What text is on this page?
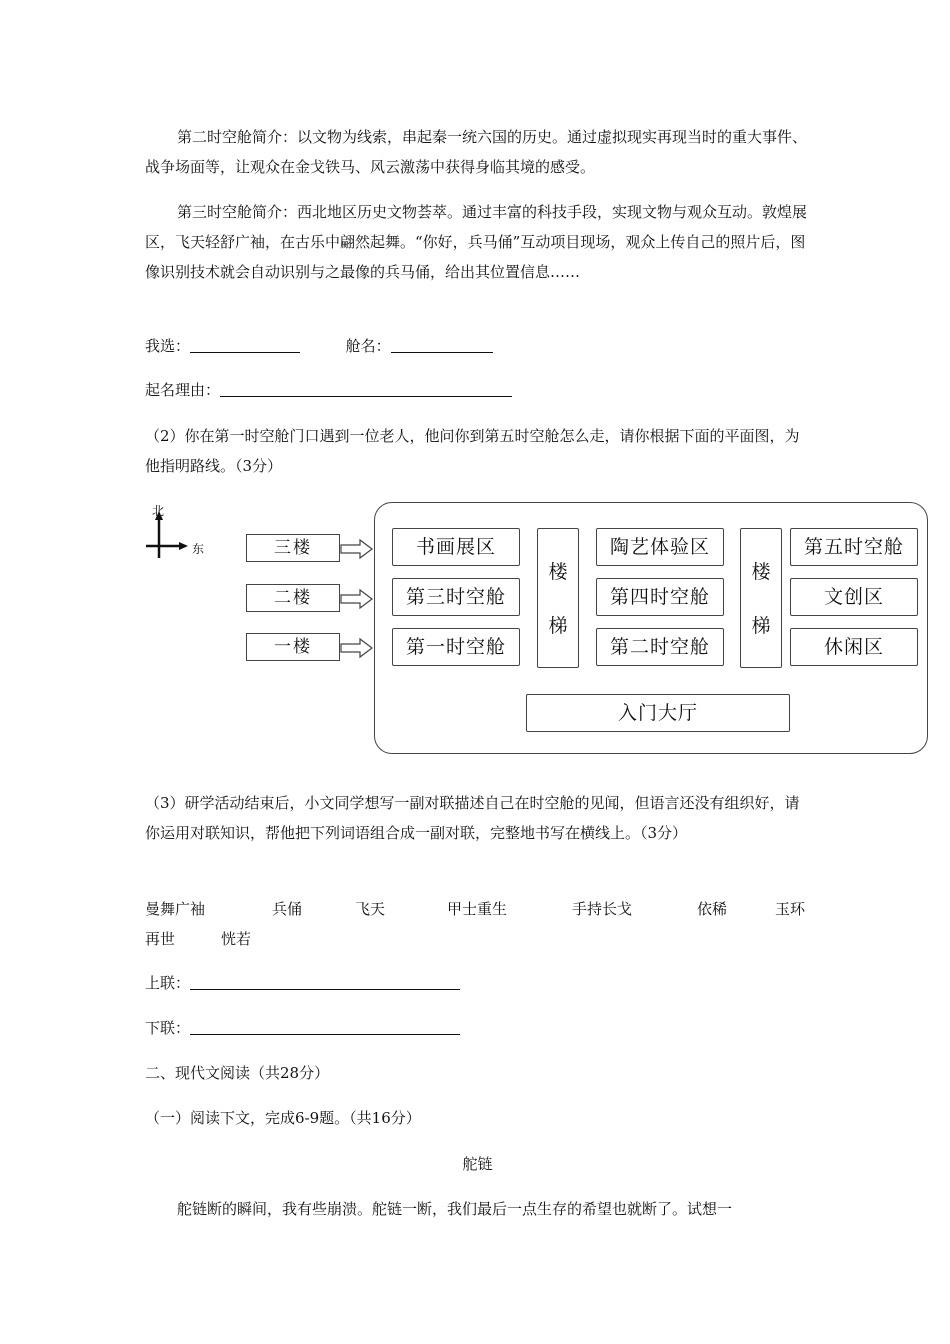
第二时空舱简介：以文物为线索，串起秦一统六国的历史。通过虚拟现实再现当时的重大事件、战争场面等，让观众在金戈铁马、风云激荡中获得身临其境的感受。

第三时空舱简介：西北地区历史文物荟萃。通过丰富的科技手段，实现文物与观众互动。敦煌展区，飞天轻舒广袖，在古乐中翩然起舞。“你好，兵马俑”互动项目现场，观众上传自己的照片后，图像识别技术就会自动识别与之最像的兵马俑，给出其位置信息……

我选：	舱名：
起名理由：

（2）你在第一时空舱门口遇到一位老人，他问你到第五时空舱怎么走，请你根据下面的平面图，为他指明路线。（3分）

北
东	三楼
二楼
一楼
书画展区
第三时空舱
第一时空舱
楼
梯
陶艺体验区
第四时空舱
第二时空舱
楼
梯
第五时空舱
文创区
休闲区
入门大厅

（3）研学活动结束后，小文同学想写一副对联描述自己在时空舱的见闻，但语言还没有组织好，请你运用对联知识，帮他把下列词语组合成一副对联，完整地书写在横线上。（3分）

曼舞广袖	兵俑	飞天	甲士重生	手持长戈	依稀	玉环
再世	恍若
上联：
下联：
二、现代文阅读（共28分）
（一）阅读下文，完成6-9题。（共16分）
舵链

舵链断的瞬间，我有些崩溃。舵链一断，我们最后一点生存的希望也就断了。试想一
